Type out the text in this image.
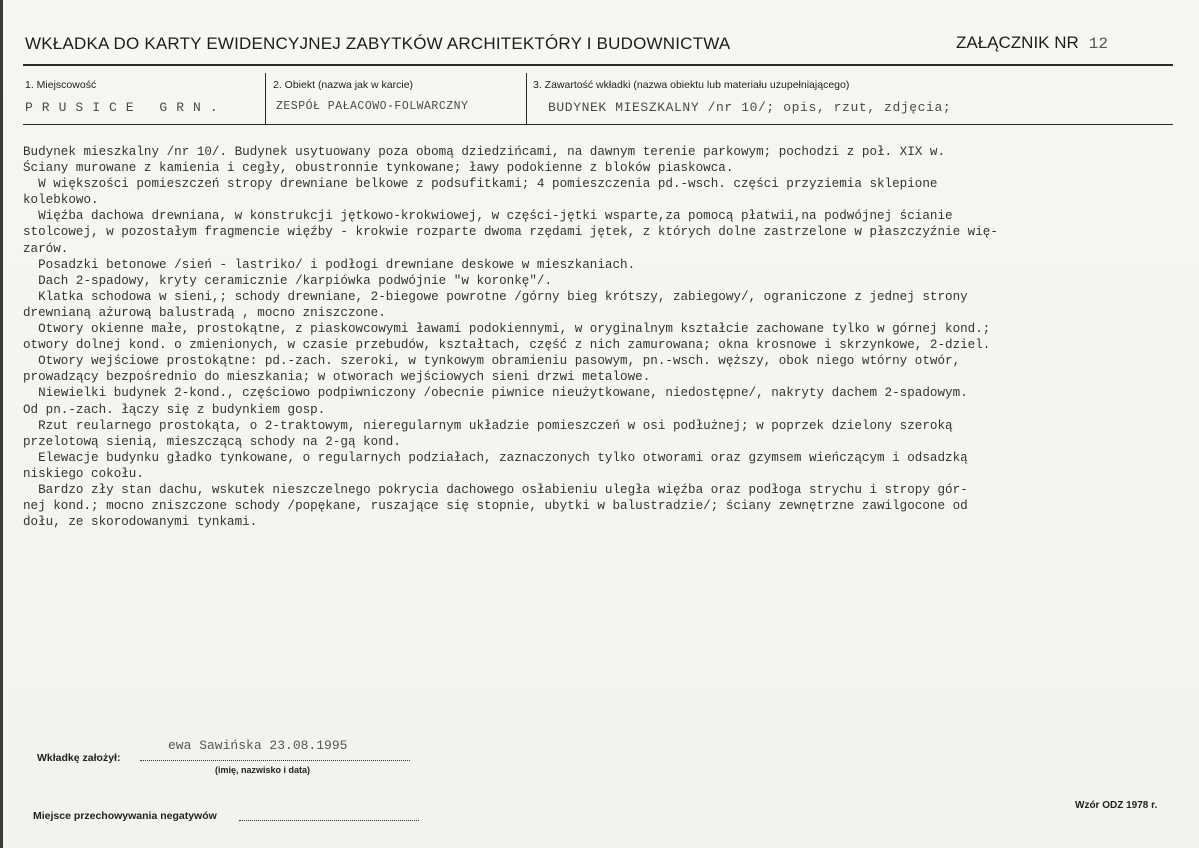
WKŁADKA DO KARTY EWIDENCYJNEJ ZABYTKÓW ARCHITEKTÓRY I BUDOWNICTWA	ZAŁĄCZNIK NR 12
1. Miejscowość
PRUSICE GRN.
2. Obiekt (nazwa jak w karcie)
ZESPÓŁ PAŁACOWO-FOLWARCZNY
3. Zawartość wkładki (nazwa obiektu lub materiału uzupełniającego)
BUDYNEK MIESZKALNY /nr 10/; opis, rzut, zdjęcia;
Budynek mieszkalny /nr 10/. Budynek usytuowany poza obomą dziedzińcami, na dawnym terenie parkowym; pochodzi z poł. XIX w.
Ściany murowane z kamienia i cegły, obustronnie tynkowane; ławy podokienne z bloków piaskowca.
W większości pomieszczeń stropy drewniane belkowe z podsufitkami; 4 pomieszczenia pd.-wsch. części przyziemia sklepione
kolebkowo.
Więźba dachowa drewniana, w konstrukcji jętkowo-krokwiowej, w części-jętki wsparte,za pomocą płatwii,na podwójnej ścianie
stolcowej, w pozostałym fragmencie więźby - krokwie rozparte dwoma rzędami jętek, z których dolne zastrzelone w płaszczyźnie wię-
zarów.
Posadzki betonowe /sień - lastriko/ i podłogi drewniane deskowe w mieszkaniach.
Dach 2-spadowy, kryty ceramicznie /karpiówka podwójnie "w koronkę"/.
Klatka schodowa w sieni,; schody drewniane, 2-biegowe powrotne /górny bieg krótszy, zabiegowy/, ograniczone z jednej strony
drewnianą ażurową balustradą , mocno zniszczone.
Otwory okienne małe, prostokątne, z piaskowcowymi ławami podokiennymi, w oryginalnym kształcie zachowane tylko w górnej kond.;
otwory dolnej kond. o zmienionych, w czasie przebudów, kształtach, część z nich zamurowana; okna krosnowe i skrzynkowe, 2-dziel.
Otwory wejściowe prostokątne: pd.-zach. szeroki, w tynkowym obramieniu pasowym, pn.-wsch. węższy, obok niego wtórny otwór,
prowadzący bezpośrednio do mieszkania; w otworach wejściowych sieni drzwi metalowe.
Niewielki budynek 2-kond., częściowo podpiwniczony /obecnie piwnice nieużytkowane, niedostępne/, nakryty dachem 2-spadowym.
Od pn.-zach. łączy się z budynkiem gosp.
Rzut reularnego prostokąta, o 2-traktowym, nieregularnym układzie pomieszczeń w osi podłużnej; w poprzek dzielony szeroką
przelotową sienią, mieszczącą schody na 2-gą kond.
Elewacje budynku gładko tynkowane, o regularnych podziałach, zaznaczonych tylko otworami oraz gzymsem wieńczącym i odsadzką
niskiego cokołu.
Bardzo zły stan dachu, wskutek nieszczelnego pokrycia dachowego osłabieniu uległa więźba oraz podłoga strychu i stropy gór-
nej kond.; mocno zniszczone schody /popękane, ruszające się stopnie, ubytki w balustradzie/; ściany zewnętrzne zawilgocone od
dołu, ze skorodowanymi tynkami.
ewa Sawińska 23.08.1995
Wkładkę założył:
(imię, nazwisko i data)
Miejsce przechowywania negatywów
Wzór ODZ 1978 r.
